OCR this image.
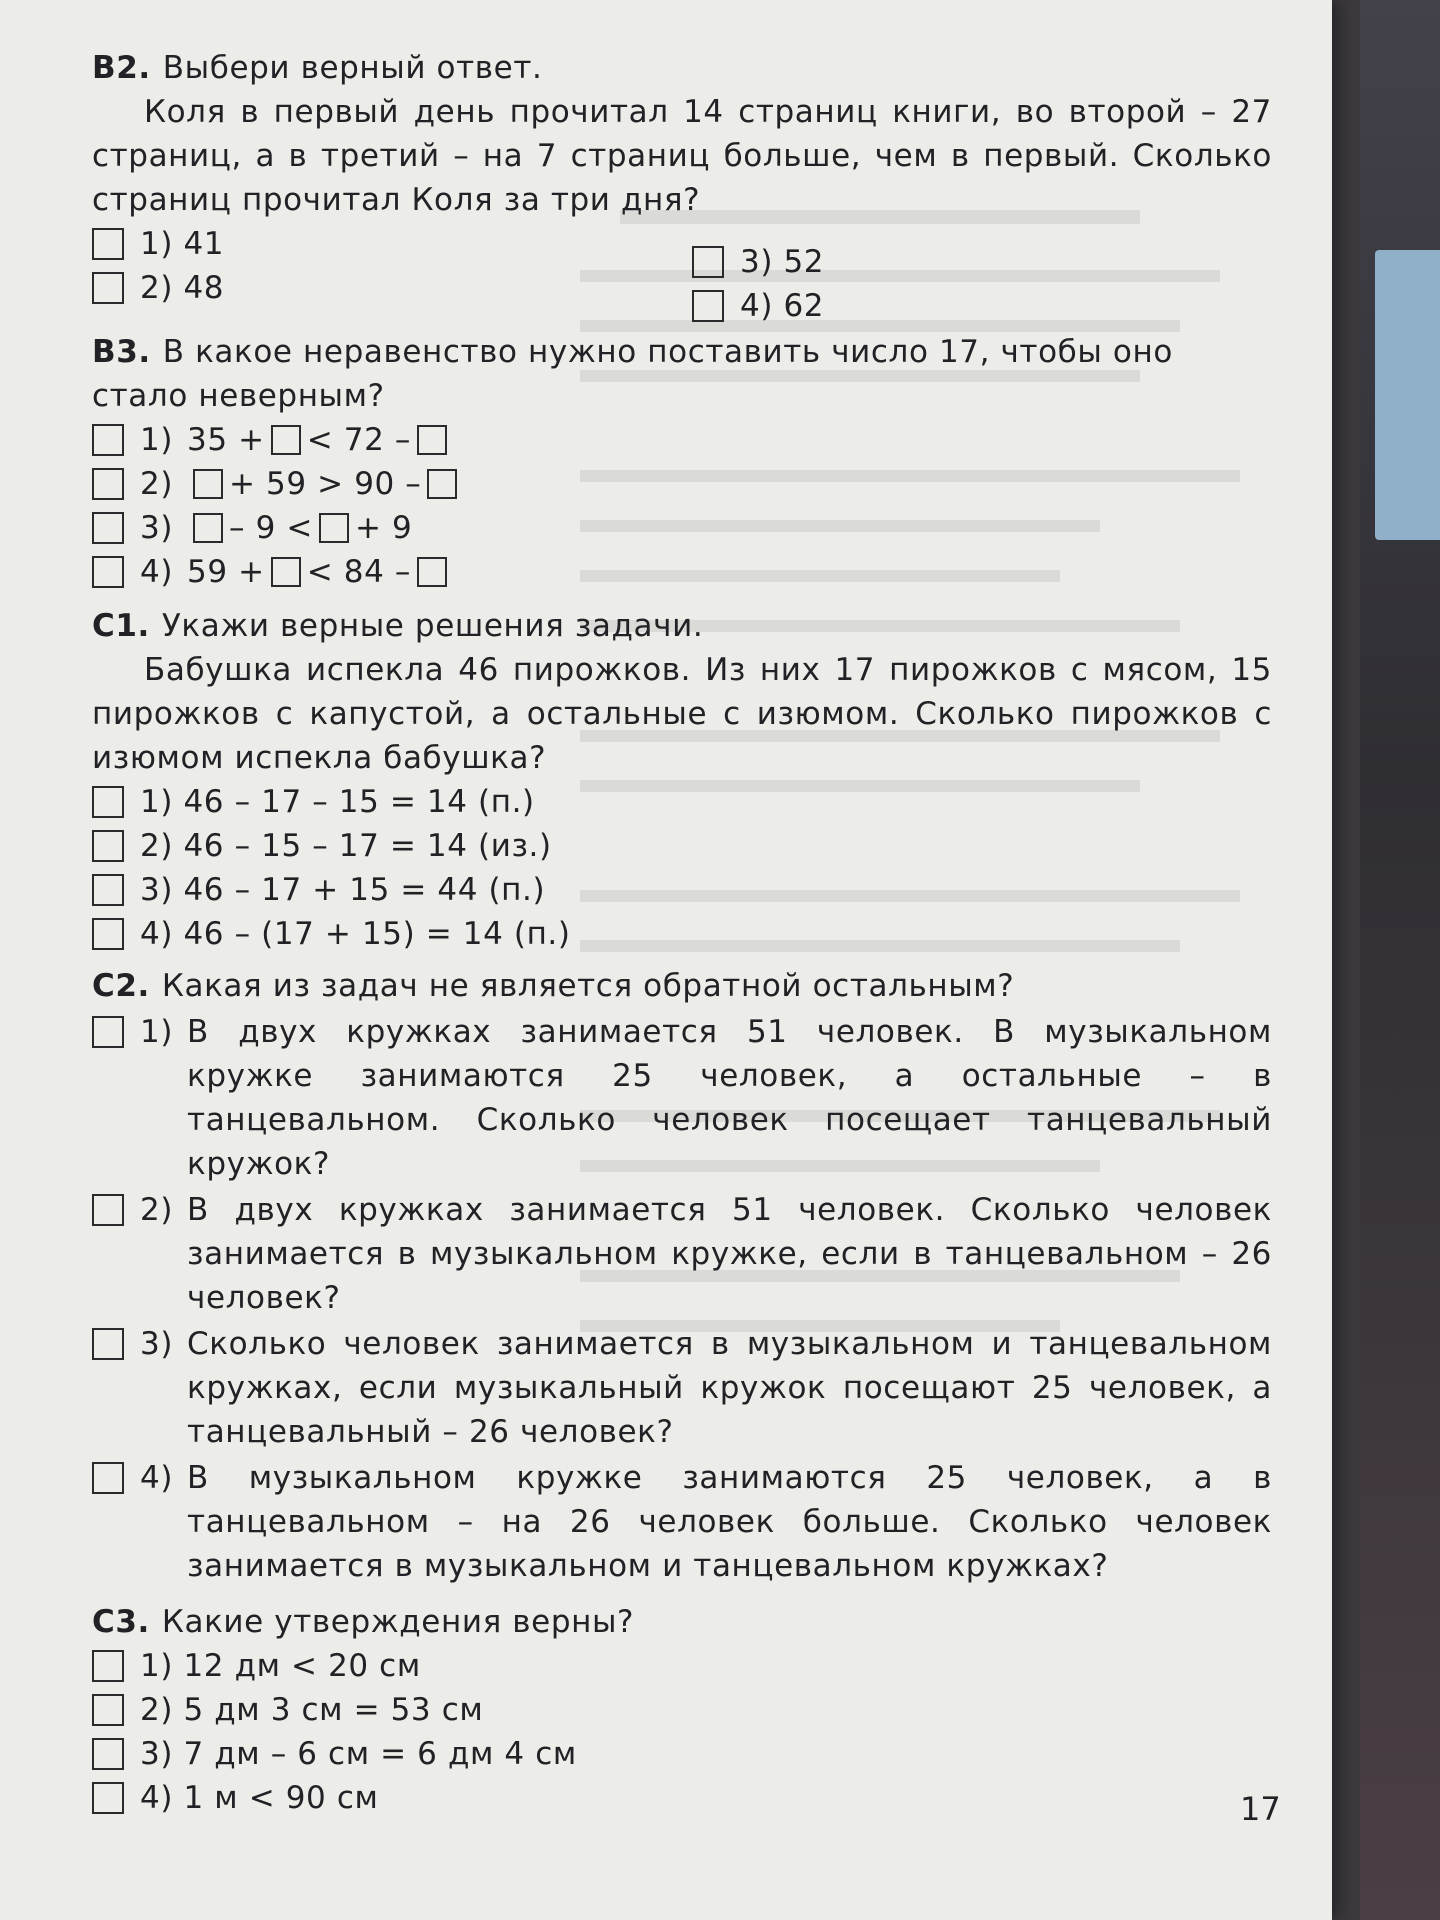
B2. Выбери верный ответ.

Коля в первый день прочитал 14 страниц книги, во второй – 27 страниц, а в третий – на 7 страниц больше, чем в первый. Сколько страниц прочитал Коля за три дня?

1) 41
2) 48
3) 52
4) 62

B3. В какое неравенство нужно поставить число 17, чтобы оно стало неверным?

1) 35 + < 72 –
2) + 59 > 90 –
3) – 9 < + 9
4) 59 + < 84 –
C1. Укажи верные решения задачи.

Бабушка испекла 46 пирожков. Из них 17 пирожков с мясом, 15 пирожков с капустой, а остальные с изюмом. Сколько пирожков с изюмом испекла бабушка?

1) 46 – 17 – 15 = 14 (п.)
2) 46 – 15 – 17 = 14 (из.)
3) 46 – 17 + 15 = 44 (п.)
4) 46 – (17 + 15) = 14 (п.)
C2. Какая из задач не является обратной остальным?
1) В двух кружках занимается 51 человек. В музыкальном кружке занимаются 25 человек, а остальные – в танцевальном. Сколько человек посещает танцевальный кружок?
2) В двух кружках занимается 51 человек. Сколько человек занимается в музыкальном кружке, если в танцевальном – 26 человек?
3) Сколько человек занимается в музыкальном и танцевальном кружках, если музыкальный кружок посещают 25 человек, а танцевальный – 26 человек?
4) В музыкальном кружке занимаются 25 человек, а в танцевальном – на 26 человек больше. Сколько человек занимается в музыкальном и танцевальном кружках?
C3. Какие утверждения верны?
1) 12 дм < 20 см
2) 5 дм 3 см = 53 см
3) 7 дм – 6 см = 6 дм 4 см
4) 1 м < 90 см	17
